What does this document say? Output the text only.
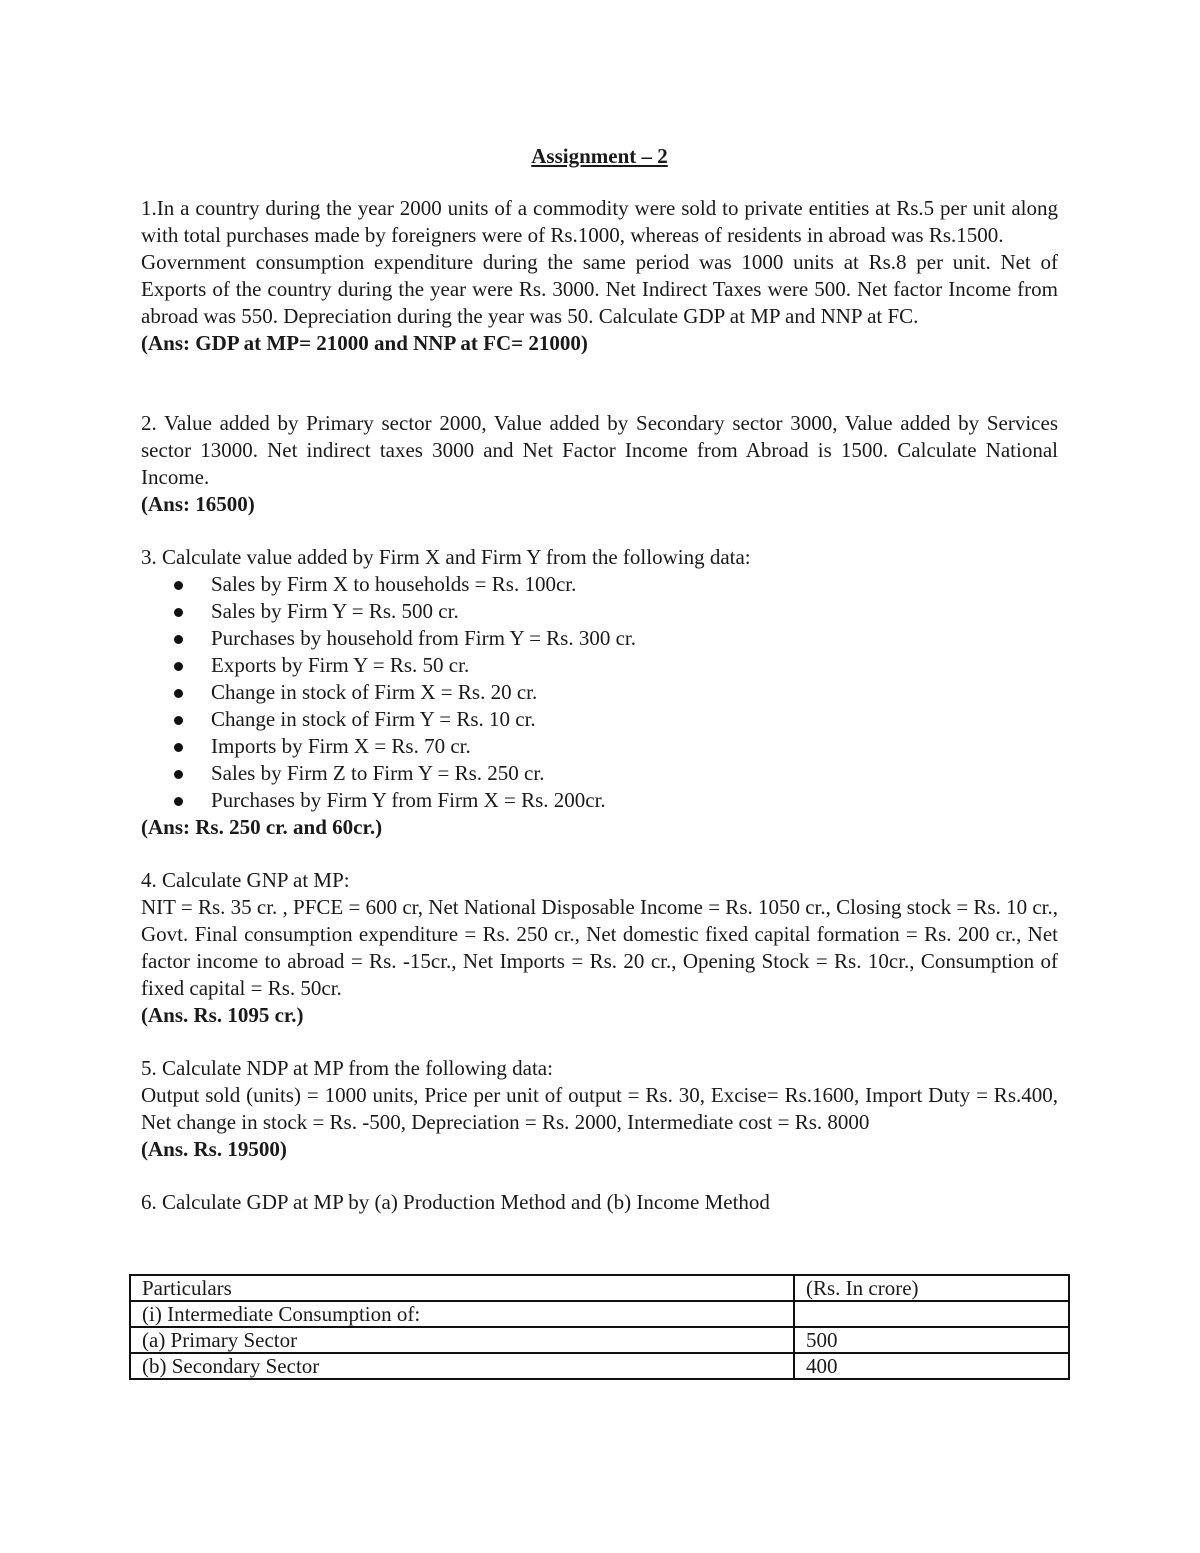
Assignment – 2

1.In a country during the year 2000 units of a commodity were sold to private entities at Rs.5 per unit along with total purchases made by foreigners were of Rs.1000, whereas of residents in abroad was Rs.1500.

Government consumption expenditure during the same period was 1000 units at Rs.8 per unit. Net of Exports of the country during the year were Rs. 3000. Net Indirect Taxes were 500. Net factor Income from abroad was 550. Depreciation during the year was 50. Calculate GDP at MP and NNP at FC.

(Ans: GDP at MP= 21000 and NNP at FC= 21000)

2. Value added by Primary sector 2000, Value added by Secondary sector 3000, Value added by Services sector 13000. Net indirect taxes 3000 and Net Factor Income from Abroad is 1500. Calculate National Income.

(Ans: 16500)

3. Calculate value added by Firm X and Firm Y from the following data:

Sales by Firm X to households = Rs. 100cr.
Sales by Firm Y = Rs. 500 cr.
Purchases by household from Firm Y = Rs. 300 cr.
Exports by Firm Y = Rs. 50 cr.
Change in stock of Firm X = Rs. 20 cr.
Change in stock of Firm Y = Rs. 10 cr.
Imports by Firm X = Rs. 70 cr.
Sales by Firm Z to Firm Y = Rs. 250 cr.
Purchases by Firm Y from Firm X = Rs. 200cr.

(Ans: Rs. 250 cr. and 60cr.)

4. Calculate GNP at MP:

NIT = Rs. 35 cr. , PFCE = 600 cr, Net National Disposable Income = Rs. 1050 cr., Closing stock = Rs. 10 cr., Govt. Final consumption expenditure = Rs. 250 cr., Net domestic fixed capital formation = Rs. 200 cr., Net factor income to abroad = Rs. -15cr., Net Imports = Rs. 20 cr., Opening Stock = Rs. 10cr., Consumption of fixed capital = Rs. 50cr.

(Ans. Rs. 1095 cr.)

5. Calculate NDP at MP from the following data:

Output sold (units) = 1000 units, Price per unit of output = Rs. 30, Excise= Rs.1600, Import Duty = Rs.400, Net change in stock = Rs. -500, Depreciation = Rs. 2000, Intermediate cost = Rs. 8000

(Ans. Rs. 19500)

6. Calculate GDP at MP by (a) Production Method and (b) Income Method

Particulars	(Rs. In crore)
(i) Intermediate Consumption of:	
(a) Primary Sector	500
(b) Secondary Sector	400
